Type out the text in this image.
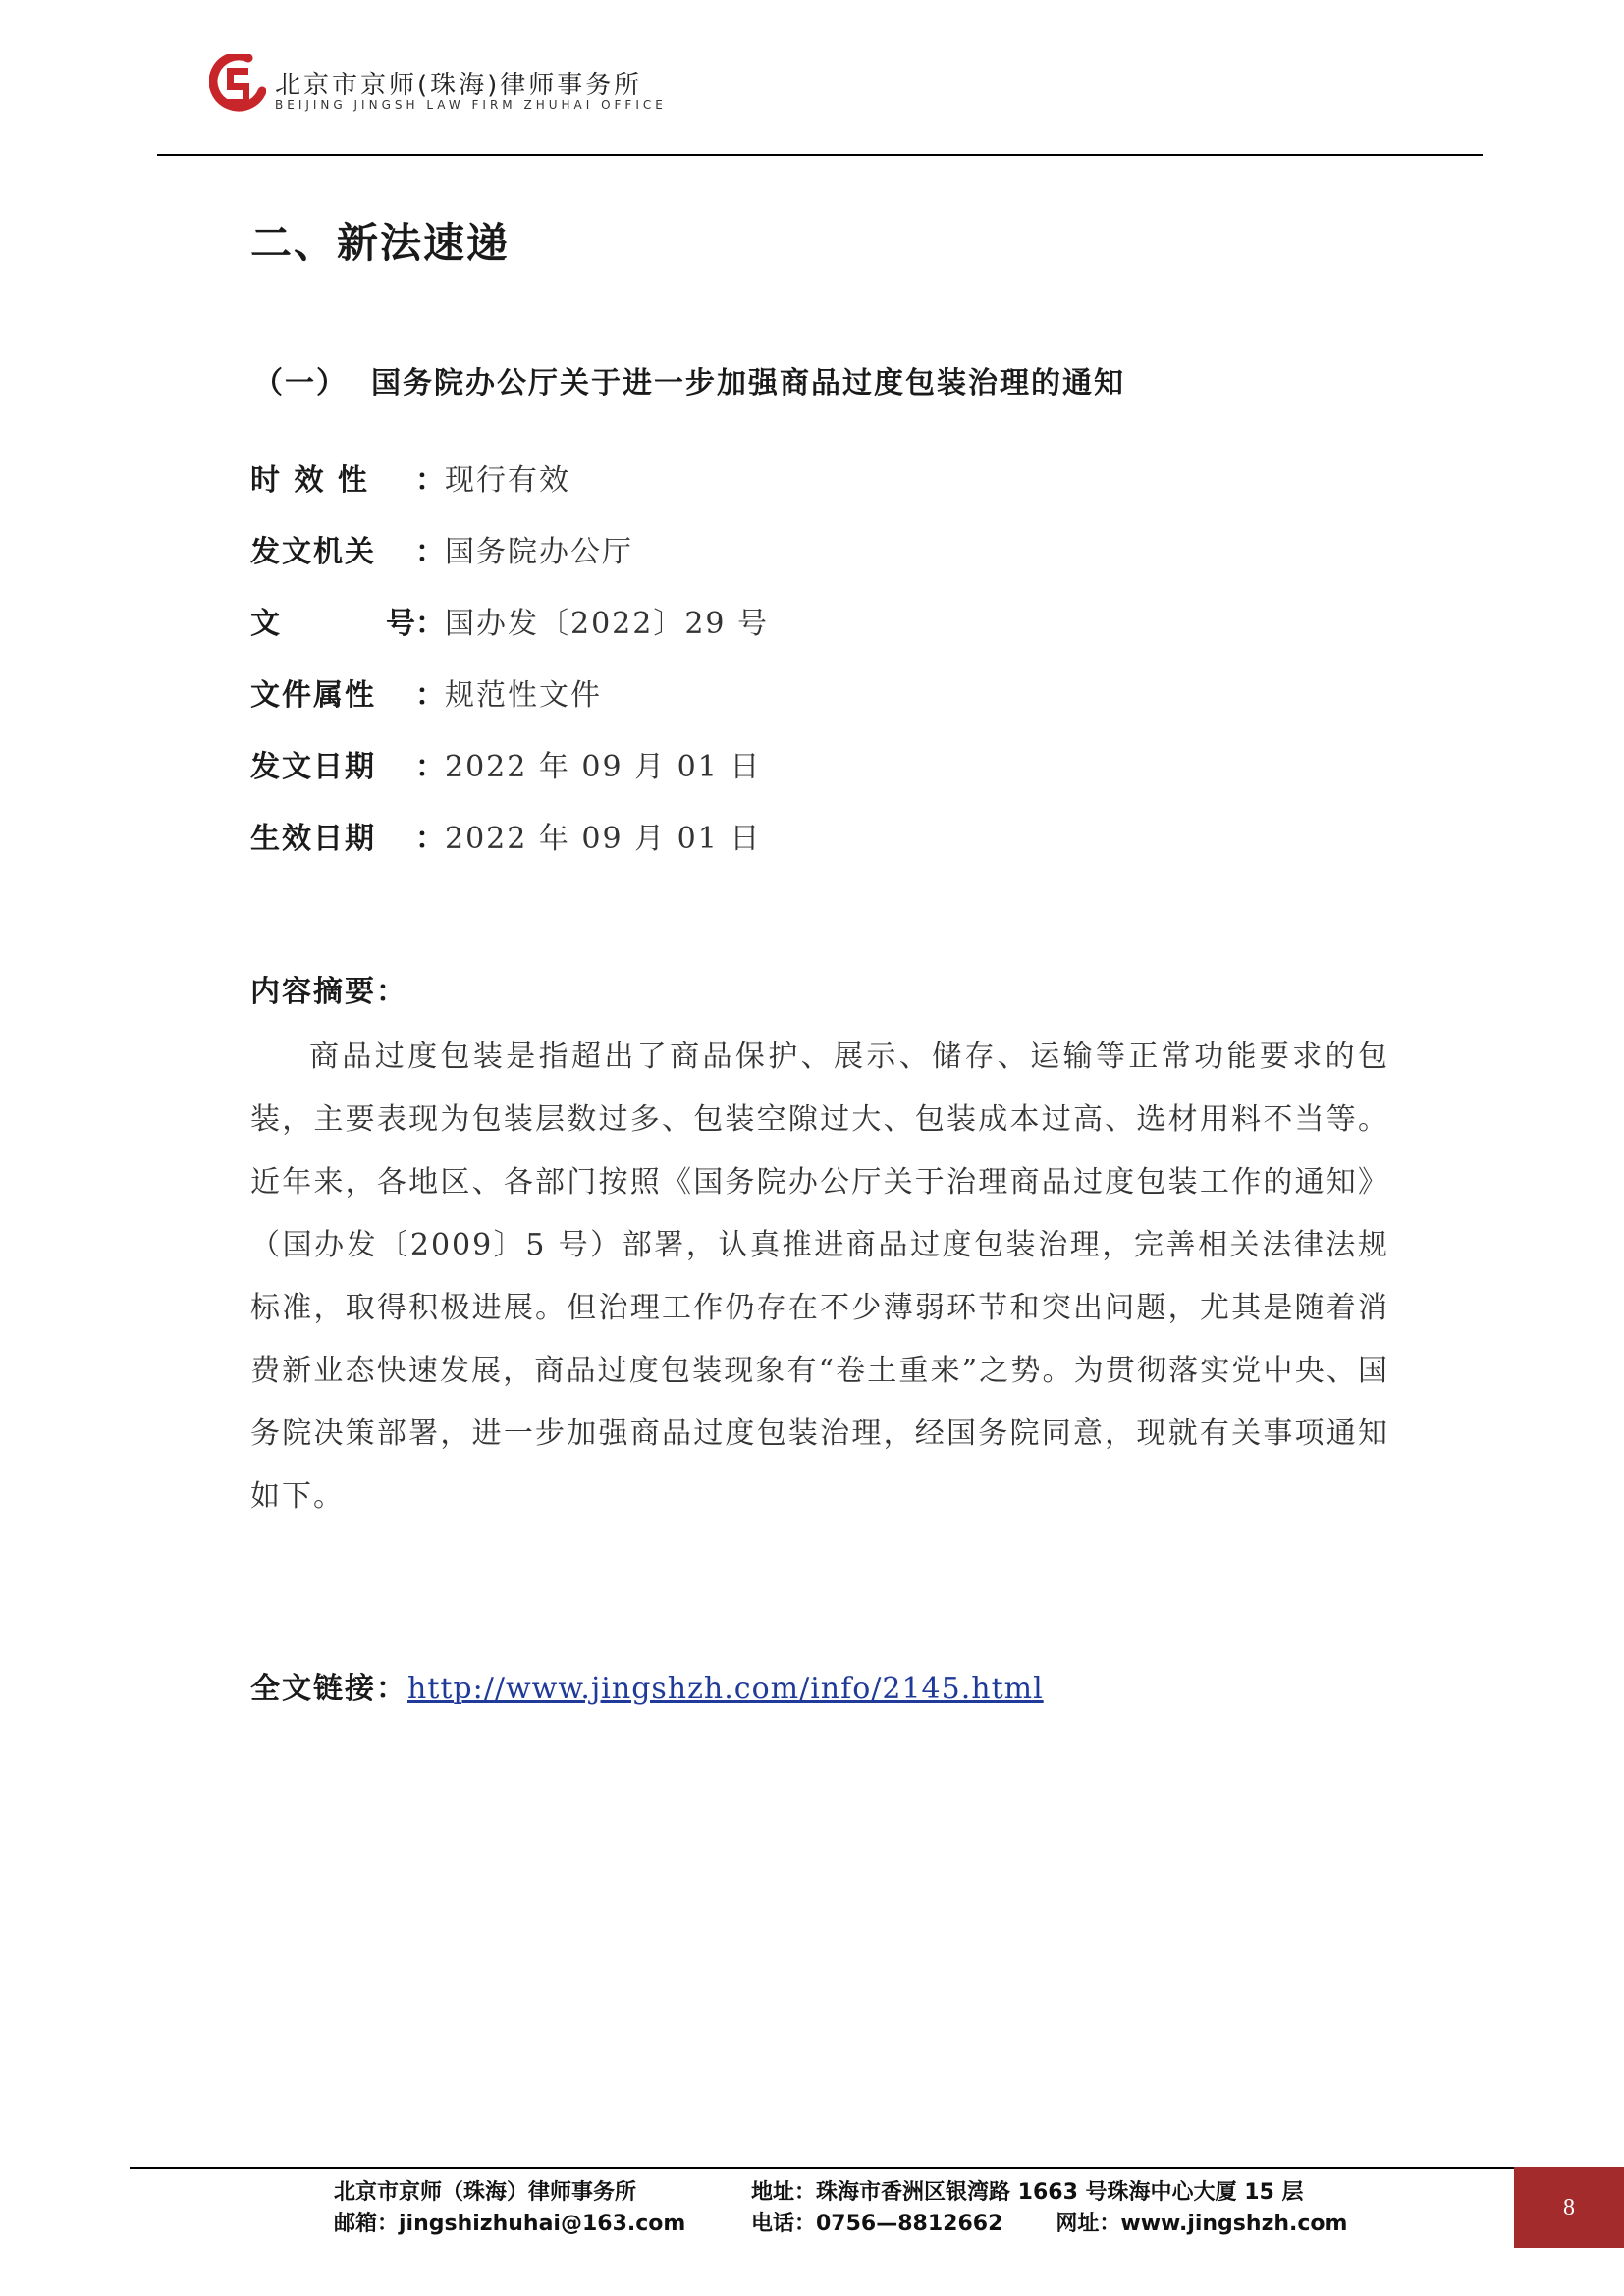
北京市京师(珠海)律师事务所
BEIJING JINGSH LAW FIRM ZHUHAI OFFICE
二、新法速递
（一） 国务院办公厅关于进一步加强商品过度包装治理的通知
时 效 性 ：现行有效
发文机关 ：国务院办公厅
文号：国办发〔2022〕29 号
文件属性 ：规范性文件
发文日期 ：2022 年 09 月 01 日
生效日期 ：2022 年 09 月 01 日
内容摘要：
商品过度包装是指超出了商品保护、展示、储存、运输等正常功能要求的包装，主要表现为包装层数过多、包装空隙过大、包装成本过高、选材用料不当等。近年来，各地区、各部门按照《国务院办公厅关于治理商品过度包装工作的通知》（国办发〔2009〕5 号）部署，认真推进商品过度包装治理，完善相关法律法规标准，取得积极进展。但治理工作仍存在不少薄弱环节和突出问题，尤其是随着消费新业态快速发展，商品过度包装现象有“卷土重来”之势。为贯彻落实党中央、国务院决策部署，进一步加强商品过度包装治理，经国务院同意，现就有关事项通知如下。
全文链接：http://www.jingshzh.com/info/2145.html
北京市京师（珠海）律师事务所
邮箱：jingshizhuhai@163.com
地址：珠海市香洲区银湾路 1663 号珠海中心大厦 15 层
电话：0756—8812662 网址：www.jingshzh.com
8
